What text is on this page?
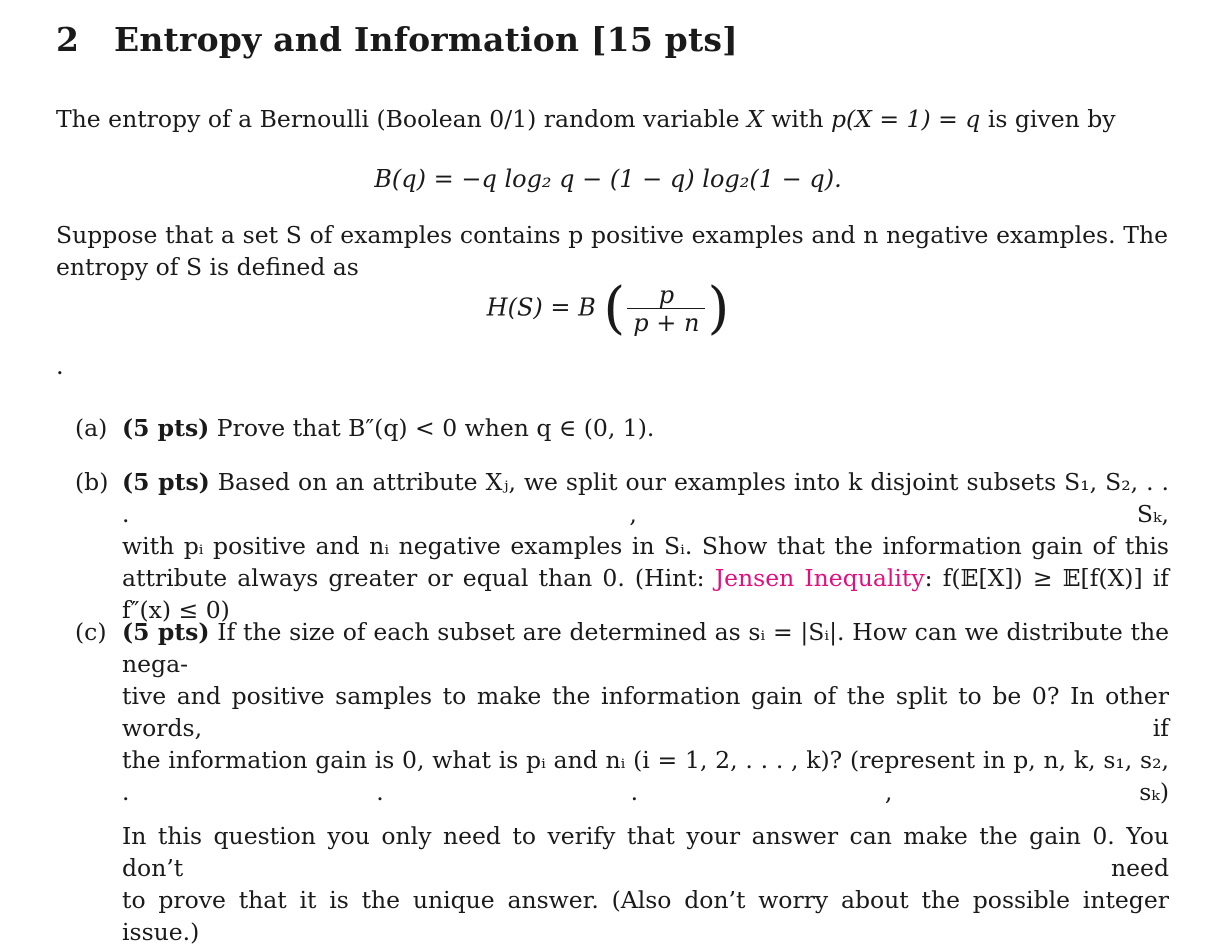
2 Entropy and Information [15 pts]
The entropy of a Bernoulli (Boolean 0/1) random variable X with p(X = 1) = q is given by
B(q) = −q log₂ q − (1 − q) log₂(1 − q).
Suppose that a set S of examples contains p positive examples and n negative examples. The
entropy of S is defined as
H(S) = B ( $\frac{p}{p + n}$ )
.
(a) (5 pts) Prove that B″(q) < 0 when q ∈ (0, 1).
(b) (5 pts) Based on an attribute Xⱼ, we split our examples into k disjoint subsets S₁, S₂, . . . , Sₖ,
with pᵢ positive and nᵢ negative examples in Sᵢ. Show that the information gain of this
attribute always greater or equal than 0. (Hint: Jensen Inequality: f(𝔼[X]) ≥ 𝔼[f(X)] if
f″(x) ≤ 0)
(c) (5 pts) If the size of each subset are determined as sᵢ = |Sᵢ|. How can we distribute the nega-
tive and positive samples to make the information gain of the split to be 0? In other words, if
the information gain is 0, what is pᵢ and nᵢ (i = 1, 2, . . . , k)? (represent in p, n, k, s₁, s₂, . . . , sₖ)
In this question you only need to verify that your answer can make the gain 0. You don’t need
to prove that it is the unique answer. (Also don’t worry about the possible integer issue.)
